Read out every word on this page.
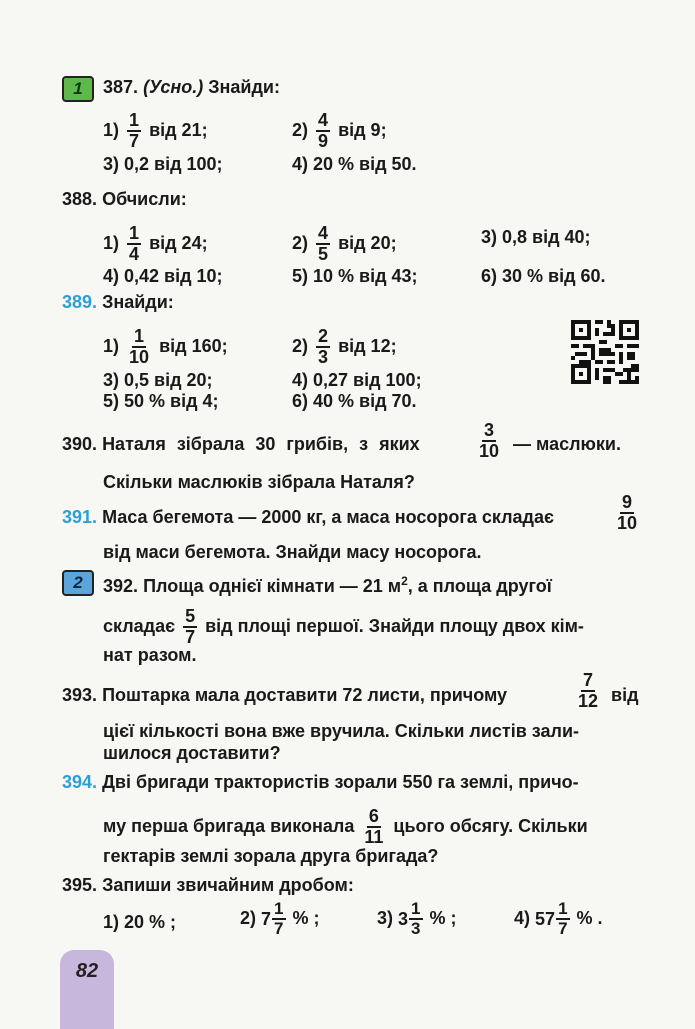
1 387. (Усно.) Знайди:
$1) \frac{1}{7}$ від 21;	$2) \frac{4}{9}$ від 9;
3) 0,2 від 100;	4) 20 % від 50.
388. Обчисли:
$1) \frac{1}{4}$ від 24;	$2) \frac{4}{5}$ від 20;	3) 0,8 від 40;
4) 0,42 від 10;	5) 10 % від 43;	6) 30 % від 60.
389. Знайди:
$1) \frac{1}{10}$ від 160;	$2) \frac{2}{3}$ від 12;
3) 0,5 від 20;	4) 0,27 від 100;
5) 50 % від 4;	6) 40 % від 70.
390. Наталя зібрала 30 грибів, з яких	$\frac{3}{10}$ — маслюки.
Скільки маслюків зібрала Наталя?
391. Маса бегемота — 2000 кг, а маса носорога складає	$\frac{9}{10}$
від маси бегемота. Знайди масу носорога.
2 392. Площа однієї кімнати — 21 $м^2$, а площа другої
складає $\frac{5}{7}$ від площі першої. Знайди площу двох кім-
нат разом.
393. Поштарка мала доставити 72 листи, причому	$\frac{7}{12}$ від
цієї кількості вона вже вручила. Скільки листів зали-
шилося доставити?
394. Дві бригади трактористів зорали 550 га землі, причо-
му перша бригада виконала $\frac{6}{11}$ цього обсягу. Скільки
гектарів землі зорала друга бригада?
395. Запиши звичайним дробом:
1) 20 % ;	2) $7 \frac{1}{7}$ % ;	3) $3 \frac{1}{3}$ % ;	4) $57 \frac{1}{7}$ % .
82
